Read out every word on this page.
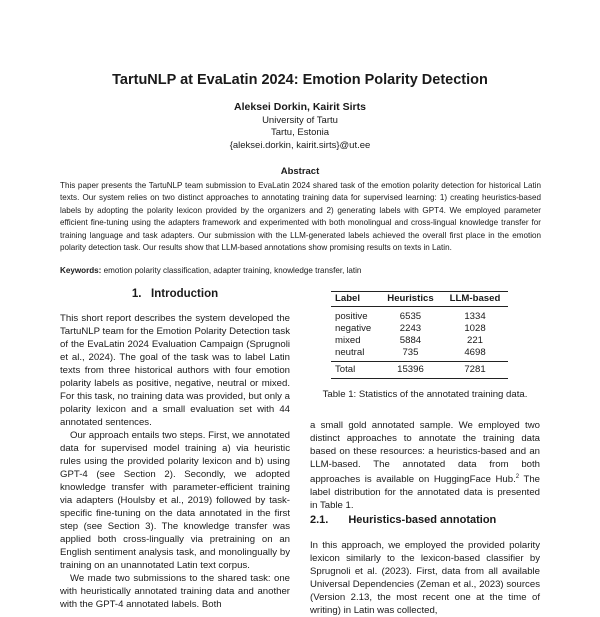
TartuNLP at EvaLatin 2024: Emotion Polarity Detection
Aleksei Dorkin, Kairit Sirts
University of Tartu
Tartu, Estonia
{aleksei.dorkin, kairit.sirts}@ut.ee
Abstract
This paper presents the TartuNLP team submission to EvaLatin 2024 shared task of the emotion polarity detection for historical Latin texts. Our system relies on two distinct approaches to annotating training data for supervised learning: 1) creating heuristics-based labels by adopting the polarity lexicon provided by the organizers and 2) generating labels with GPT4. We employed parameter efficient fine-tuning using the adapters framework and experimented with both monolingual and cross-lingual knowledge transfer for training language and task adapters. Our submission with the LLM-generated labels achieved the overall first place in the emotion polarity detection task. Our results show that LLM-based annotations show promising results on texts in Latin.
Keywords: emotion polarity classification, adapter training, knowledge transfer, latin
1.   Introduction

This short report describes the system developed the TartuNLP team for the Emotion Polarity Detection task of the EvaLatin 2024 Evaluation Campaign (Sprugnoli et al., 2024). The goal of the task was to label Latin texts from three historical authors with four emotion polarity labels as positive, negative, neutral or mixed. For this task, no training data was provided, but only a polarity lexicon and a small evaluation set with 44 annotated sentences.

Our approach entails two steps. First, we annotated data for supervised model training a) via heuristic rules using the provided polarity lexicon and b) using GPT-4 (see Section 2). Secondly, we adopted knowledge transfer with parameter-efficient training via adapters (Houlsby et al., 2019) followed by task-specific fine-tuning on the data annotated in the first step (see Section 3). The knowledge transfer was applied both cross-lingually via pretraining on an English sentiment analysis task, and monolingually by training on an unannotated Latin text corpus.

We made two submissions to the shared task: one with heuristically annotated training data and another with the GPT-4 annotated labels. Both

Label	Heuristics	LLM-based
positive	6535	1334
negative	2243	1028
mixed	5884	221
neutral	735	4698
Total	15396	7281
Table 1: Statistics of the annotated training data.

a small gold annotated sample. We employed two distinct approaches to annotate the training data based on these resources: a heuristics-based and an LLM-based. The annotated data from both approaches is available on HuggingFace Hub.$^2$ The label distribution for the annotated data is presented in Table 1.

2.1. Heuristics-based annotation

In this approach, we employed the provided polarity lexicon similarly to the lexicon-based classifier by Sprugnoli et al. (2023). First, data from all available Universal Dependencies (Zeman et al., 2023) sources (Version 2.13, the most recent one at the time of writing) in Latin was collected,
